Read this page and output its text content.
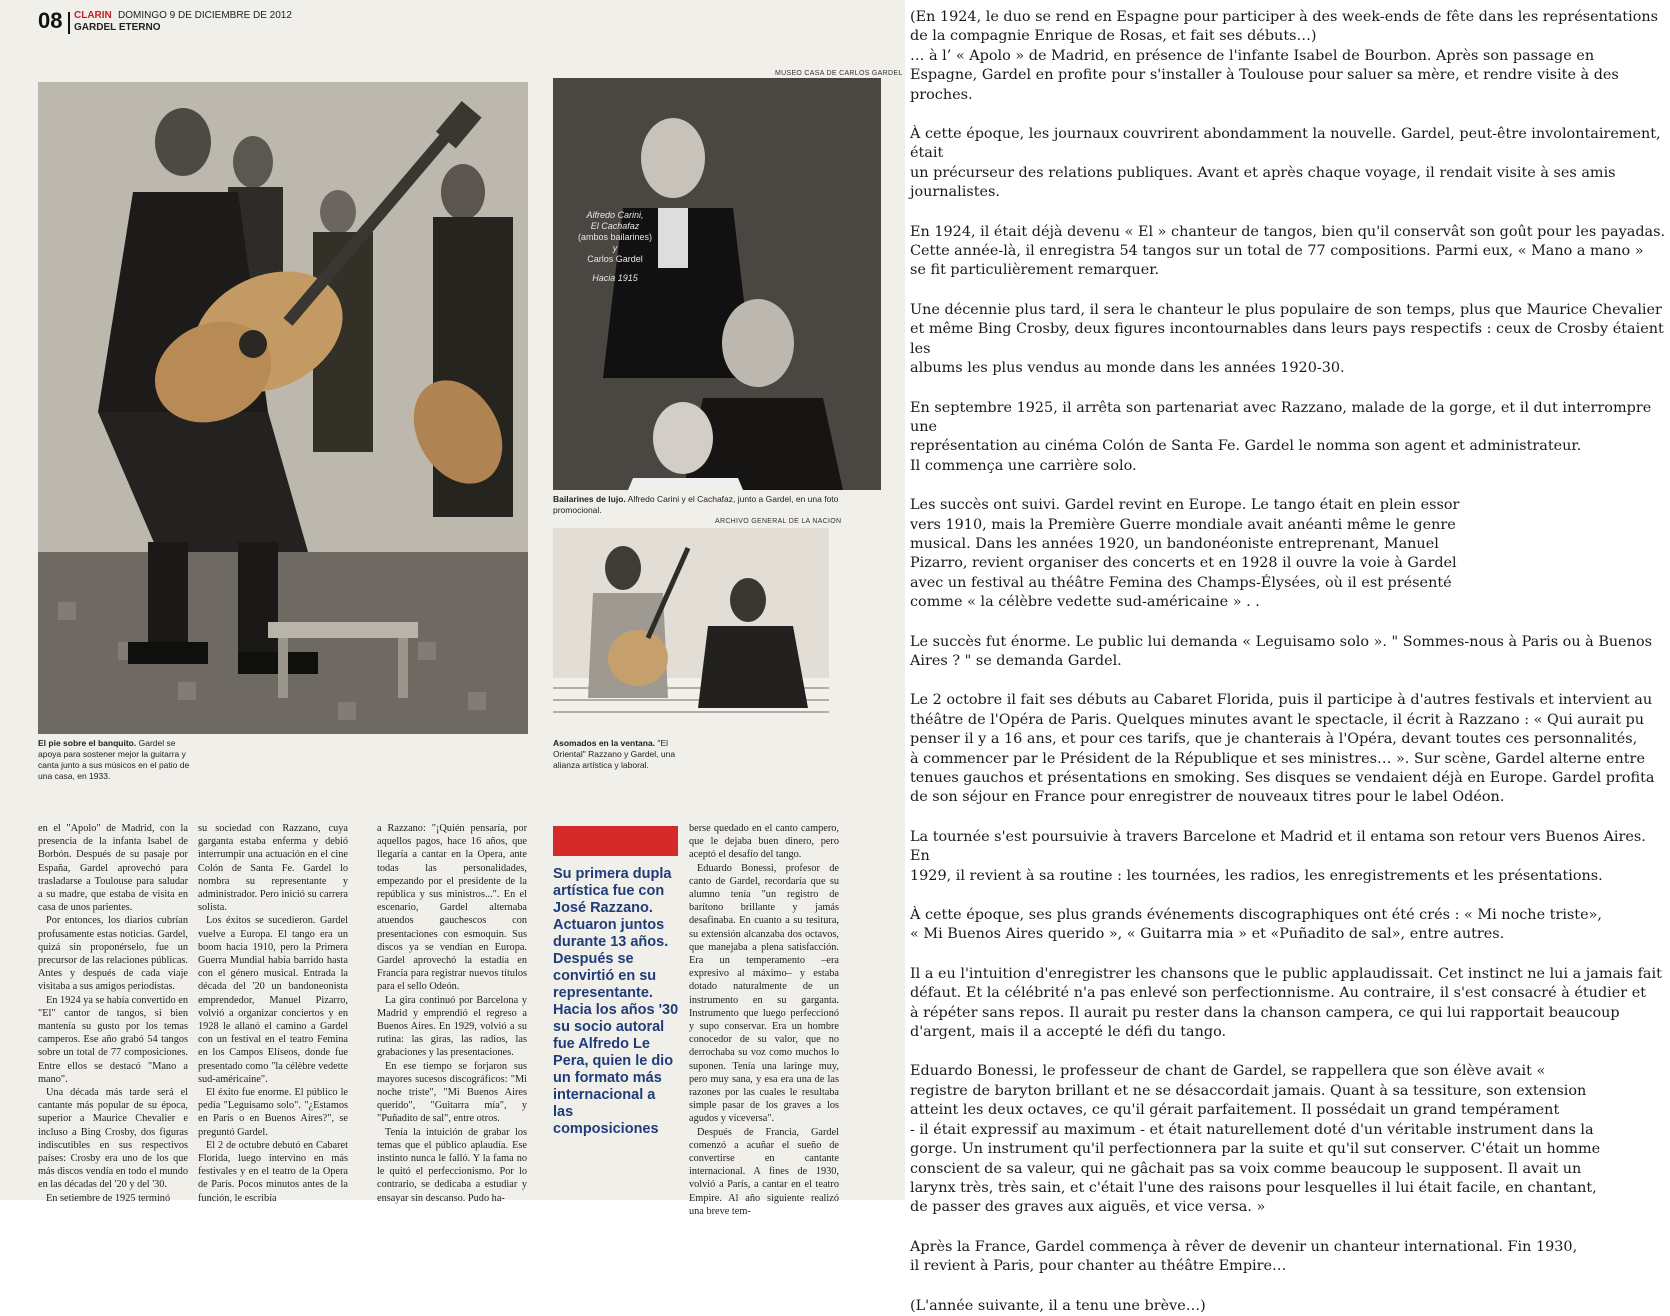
08 CLARIN DOMINGO 9 DE DICIEMBRE DE 2012
GARDEL ETERNO
MUSEO CASA DE CARLOS GARDEL
El pie sobre el banquito. Gardel se apoya para sostener mejor la guitarra y canta junto a sus músicos en el patio de una casa, en 1933.
Alfredo Carini,
El Cachafaz
(ambos bailarines)
y
Carlos Gardel
Hacia 1915
Bailarines de lujo. Alfredo Carini y el Cachafaz, junto a Gardel, en una foto promocional.
ARCHIVO GENERAL DE LA NACION
Asomados en la ventana. "El Oriental" Razzano y Gardel, una alianza artística y laboral.

en el "Apolo" de Madrid, con la presencia de la infanta Isabel de Borbón. Después de su pasaje por España, Gardel aprovechó para trasladarse a Toulouse para saludar a su madre, que estaba de visita en casa de unos parientes.

Por entonces, los diarios cubrían profusamente estas noticias. Gardel, quizá sin proponérselo, fue un precursor de las relaciones públicas. Antes y después de cada viaje visitaba a sus amigos periodistas.

En 1924 ya se había convertido en "El" cantor de tangos, si bien mantenía su gusto por los temas camperos. Ese año grabó 54 tangos sobre un total de 77 composiciones. Entre ellos se destacó "Mano a mano".

Una década más tarde será el cantante más popular de su época, superior a Maurice Chevalier e incluso a Bing Crosby, dos figuras indiscutibles en sus respectivos países: Crosby era uno de los que más discos vendía en todo el mundo en las décadas del '20 y del '30.

En setiembre de 1925 terminó

su sociedad con Razzano, cuya garganta estaba enferma y debió interrumpir una actuación en el cine Colón de Santa Fe. Gardel lo nombra su representante y administrador. Pero inició su carrera solista.

Los éxitos se sucedieron. Gardel vuelve a Europa. El tango era un boom hacia 1910, pero la Primera Guerra Mundial había barrido hasta con el género musical. Entrada la década del '20 un bandoneonista emprendedor, Manuel Pizarro, volvió a organizar conciertos y en 1928 le allanó el camino a Gardel con un festival en el teatro Femina en los Campos Elíseos, donde fue presentado como "la célèbre vedette sud-américaine".

El éxito fue enorme. El público le pedía "Leguisamo solo". "¿Estamos en París o en Buenos Aires?", se preguntó Gardel.

El 2 de octubre debutó en Cabaret Florida, luego intervino en más festivales y en el teatro de la Opera de París. Pocos minutos antes de la función, le escribía

a Razzano: "¡Quién pensaría, por aquellos pagos, hace 16 años, que llegaría a cantar en la Opera, ante todas las personalidades, empezando por el presidente de la república y sus ministros...". En el escenario, Gardel alternaba atuendos gauchescos con presentaciones con esmoquin. Sus discos ya se vendían en Europa. Gardel aprovechó la estadía en Francia para registrar nuevos títulos para el sello Odeón.

La gira continuó por Barcelona y Madrid y emprendió el regreso a Buenos Aires. En 1929, volvió a su rutina: las giras, las radios, las grabaciones y las presentaciones.

En ese tiempo se forjaron sus mayores sucesos discográficos: "Mi noche triste", "Mi Buenos Aires querido", "Guitarra mía", y "Puñadito de sal", entre otros.

Tenía la intuición de grabar los temas que el público aplaudía. Ese instinto nunca le falló. Y la fama no le quitó el perfeccionismo. Por lo contrario, se dedicaba a estudiar y ensayar sin descanso. Pudo ha-

Su primera dupla artística fue con José Razzano. Actuaron juntos durante 13 años. Después se convirtió en su representante. Hacia los años '30 su socio autoral fue Alfredo Le Pera, quien le dio un formato más internacional a las composiciones

berse quedado en el canto campero, que le dejaba buen dinero, pero aceptó el desafío del tango.

Eduardo Bonessi, profesor de canto de Gardel, recordaría que su alumno tenía "un registro de barítono brillante y jamás desafinaba. En cuanto a su tesitura, su extensión alcanzaba dos octavos, que manejaba a plena satisfacción. Era un temperamento –era expresivo al máximo– y estaba dotado naturalmente de un instrumento en su garganta. Instrumento que luego perfeccionó y supo conservar. Era un hombre conocedor de su valor, que no derrochaba su voz como muchos lo suponen. Tenía una laringe muy, pero muy sana, y esa era una de las razones por las cuales le resultaba simple pasar de los graves a los agudos y viceversa".

Después de Francia, Gardel comenzó a acuñar el sueño de convertirse en cantante internacional. A fines de 1930, volvió a París, a cantar en el teatro Empire. Al año siguiente realizó una breve tem-

(En 1924, le duo se rend en Espagne pour participer à des week-ends de fête dans les représentations
de la compagnie Enrique de Rosas, et fait ses débuts…)
… à l’ « Apolo » de Madrid, en présence de l'infante Isabel de Bourbon. Après son passage en
Espagne, Gardel en profite pour s'installer à Toulouse pour saluer sa mère, et rendre visite à des proches.

À cette époque, les journaux couvrirent abondamment la nouvelle. Gardel, peut-être involontairement, était
un précurseur des relations publiques. Avant et après chaque voyage, il rendait visite à ses amis journalistes.

En 1924, il était déjà devenu « El » chanteur de tangos, bien qu'il conservât son goût pour les payadas.
Cette année-là, il enregistra 54 tangos sur un total de 77 compositions. Parmi eux, « Mano a mano »
se fit particulièrement remarquer.

Une décennie plus tard, il sera le chanteur le plus populaire de son temps, plus que Maurice Chevalier
et même Bing Crosby, deux figures incontournables dans leurs pays respectifs : ceux de Crosby étaient les
albums les plus vendus au monde dans les années 1920-30.

En septembre 1925, il arrêta son partenariat avec Razzano, malade de la gorge, et il dut interrompre une
représentation au cinéma Colón de Santa Fe. Gardel le nomma son agent et administrateur.
Il commença une carrière solo.

Les succès ont suivi. Gardel revint en Europe. Le tango était en plein essor
vers 1910, mais la Première Guerre mondiale avait anéanti même le genre
musical. Dans les années 1920, un bandonéoniste entreprenant, Manuel
Pizarro, revient organiser des concerts et en 1928 il ouvre la voie à Gardel
avec un festival au théâtre Femina des Champs-Élysées, où il est présenté
comme « la célèbre vedette sud-américaine » . .

Le succès fut énorme. Le public lui demanda « Leguisamo solo ». " Sommes-nous à Paris ou à Buenos
Aires ? " se demanda Gardel.

Le 2 octobre il fait ses débuts au Cabaret Florida, puis il participe à d'autres festivals et intervient au
théâtre de l'Opéra de Paris. Quelques minutes avant le spectacle, il écrit à Razzano : « Qui aurait pu
penser il y a 16 ans, et pour ces tarifs, que je chanterais à l'Opéra, devant toutes ces personnalités,
à commencer par le Président de la République et ses ministres… ». Sur scène, Gardel alterne entre
tenues gauchos et présentations en smoking. Ses disques se vendaient déjà en Europe. Gardel profita
de son séjour en France pour enregistrer de nouveaux titres pour le label Odéon.

La tournée s'est poursuivie à travers Barcelone et Madrid et il entama son retour vers Buenos Aires. En
1929, il revient à sa routine : les tournées, les radios, les enregistrements et les présentations.

À cette époque, ses plus grands événements discographiques ont été crés : « Mi noche triste»,
« Mi Buenos Aires querido », « Guitarra mia » et «Puñadito de sal», entre autres.

Il a eu l'intuition d'enregistrer les chansons que le public applaudissait. Cet instinct ne lui a jamais fait
défaut. Et la célébrité n'a pas enlevé son perfectionnisme. Au contraire, il s'est consacré à étudier et
à répéter sans repos. Il aurait pu rester dans la chanson campera, ce qui lui rapportait beaucoup
d'argent, mais il a accepté le défi du tango.

Eduardo Bonessi, le professeur de chant de Gardel, se rappellera que son élève avait «
registre de baryton brillant et ne se désaccordait jamais. Quant à sa tessiture, son extension
atteint les deux octaves, ce qu'il gérait parfaitement. Il possédait un grand tempérament
- il était expressif au maximum - et était naturellement doté d'un véritable instrument dans la
gorge. Un instrument qu'il perfectionnera par la suite et qu'il sut conserver. C'était un homme
conscient de sa valeur, qui ne gâchait pas sa voix comme beaucoup le supposent. Il avait un
larynx très, très sain, et c'était l'une des raisons pour lesquelles il lui était facile, en chantant,
de passer des graves aux aiguës, et vice versa. »

Après la France, Gardel commença à rêver de devenir un chanteur international. Fin 1930,
il revient à Paris, pour chanter au théâtre Empire…

(L'année suivante, il a tenu une brève…)
